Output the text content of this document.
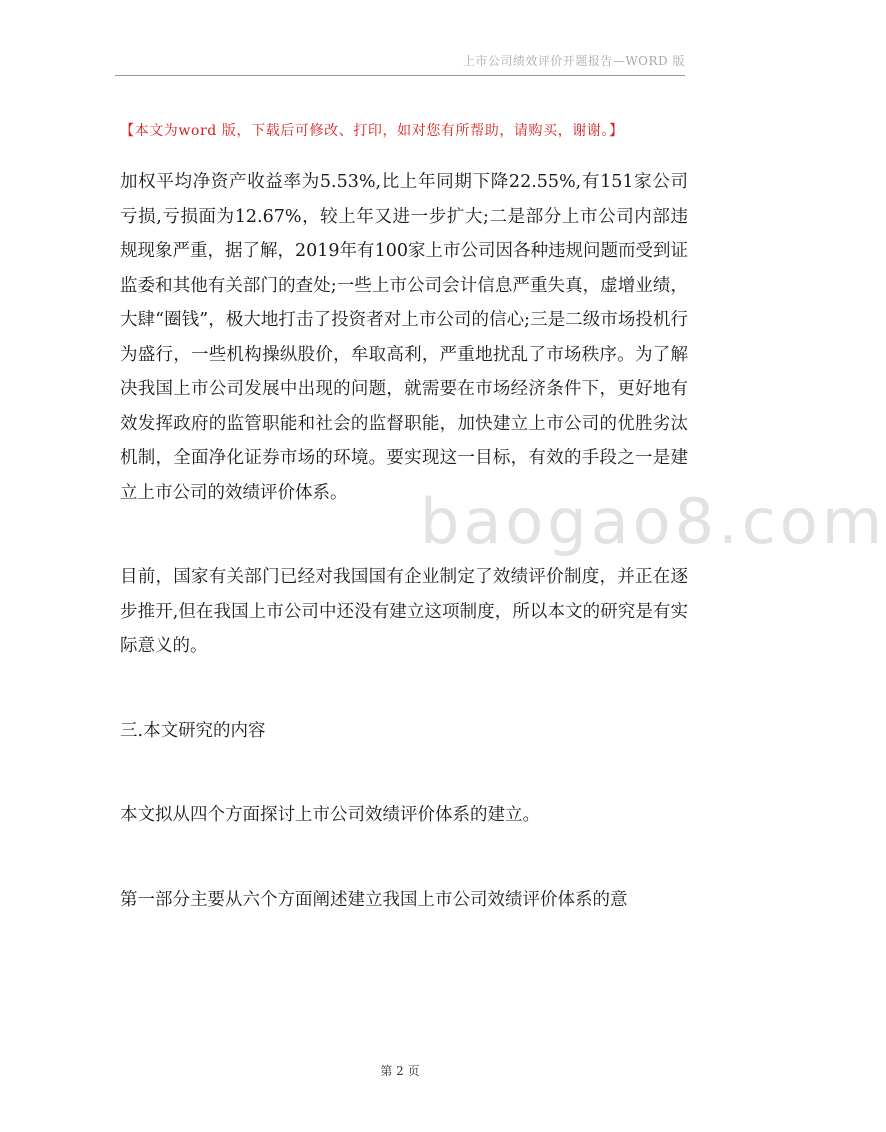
上市公司绩效评价开题报告—WORD 版
【本文为word 版，下载后可修改、打印，如对您有所帮助，请购买，谢谢。】
baogao8.com

加权平均净资产收益率为5.53%,比上年同期下降22.55%,有151家公司亏损,亏损面为12.67%，较上年又进一步扩大;二是部分上市公司内部违规现象严重，据了解，2019年有100家上市公司因各种违规问题而受到证监委和其他有关部门的查处;一些上市公司会计信息严重失真，虚增业绩，大肆“圈钱”，极大地打击了投资者对上市公司的信心;三是二级市场投机行为盛行，一些机构操纵股价，牟取高利，严重地扰乱了市场秩序。为了解决我国上市公司发展中出现的问题，就需要在市场经济条件下，更好地有效发挥政府的监管职能和社会的监督职能，加快建立上市公司的优胜劣汰机制，全面净化证券市场的环境。要实现这一目标，有效的手段之一是建立上市公司的效绩评价体系。

目前，国家有关部门已经对我国国有企业制定了效绩评价制度，并正在逐步推开,但在我国上市公司中还没有建立这项制度，所以本文的研究是有实际意义的。

三.本文研究的内容

本文拟从四个方面探讨上市公司效绩评价体系的建立。

第一部分主要从六个方面阐述建立我国上市公司效绩评价体系的意

第 2 页
